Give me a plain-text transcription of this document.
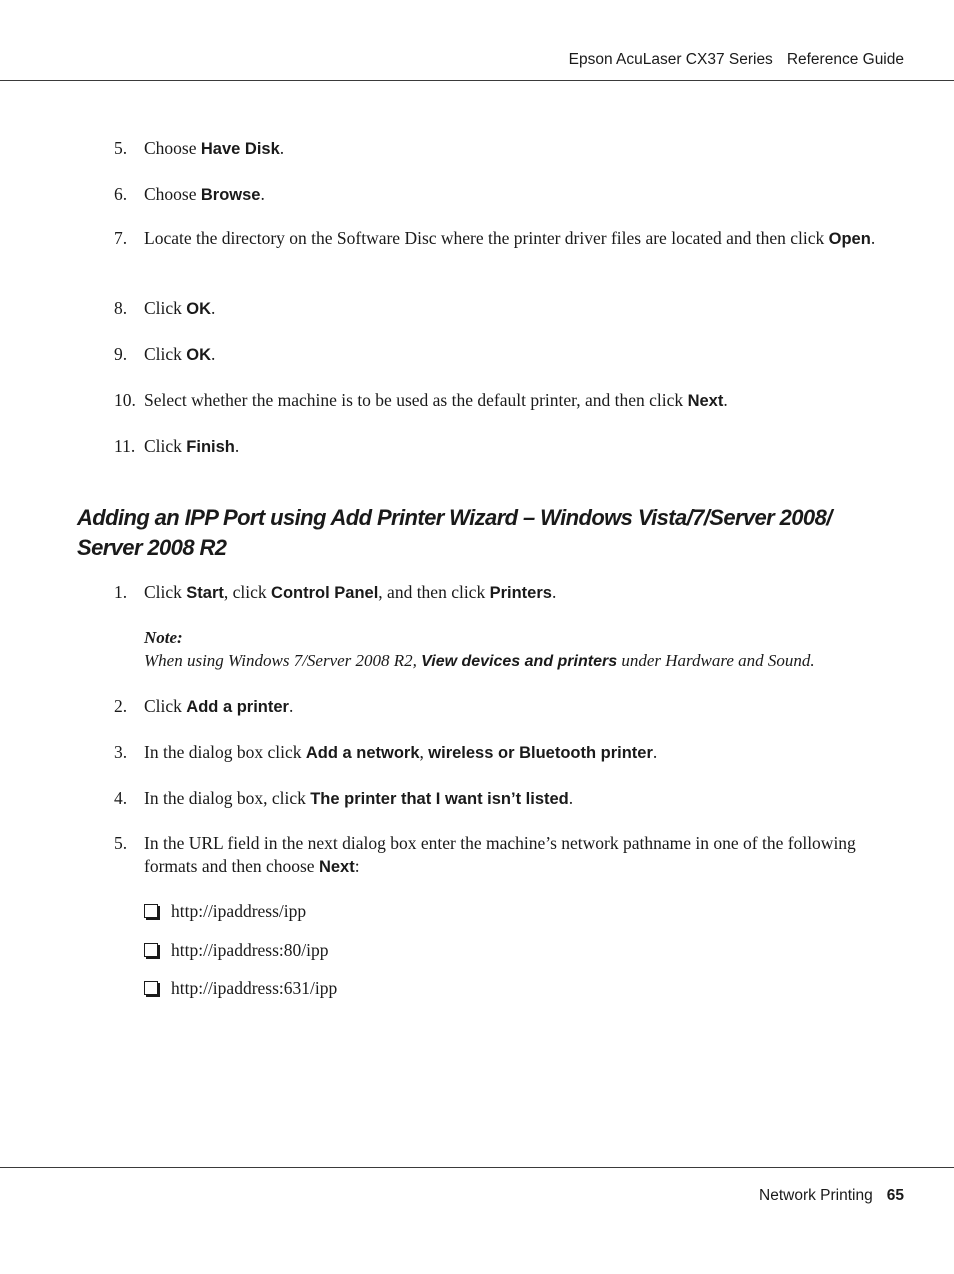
Epson AcuLaser CX37 Series Reference Guide
5. Choose Have Disk.
6. Choose Browse.
7. Locate the directory on the Software Disc where the printer driver files are located and then click Open.
8. Click OK.
9. Click OK.
10. Select whether the machine is to be used as the default printer, and then click Next.
11. Click Finish.
Adding an IPP Port using Add Printer Wizard – Windows Vista/7/Server 2008/ Server 2008 R2
1. Click Start, click Control Panel, and then click Printers.
Note:
When using Windows 7/Server 2008 R2, View devices and printers under Hardware and Sound.
2. Click Add a printer.
3. In the dialog box click Add a network, wireless or Bluetooth printer.
4. In the dialog box, click The printer that I want isn’t listed.
5. In the URL field in the next dialog box enter the machine’s network pathname in one of the following formats and then choose Next:
http://ipaddress/ipp
http://ipaddress:80/ipp
http://ipaddress:631/ipp
Network Printing 65
